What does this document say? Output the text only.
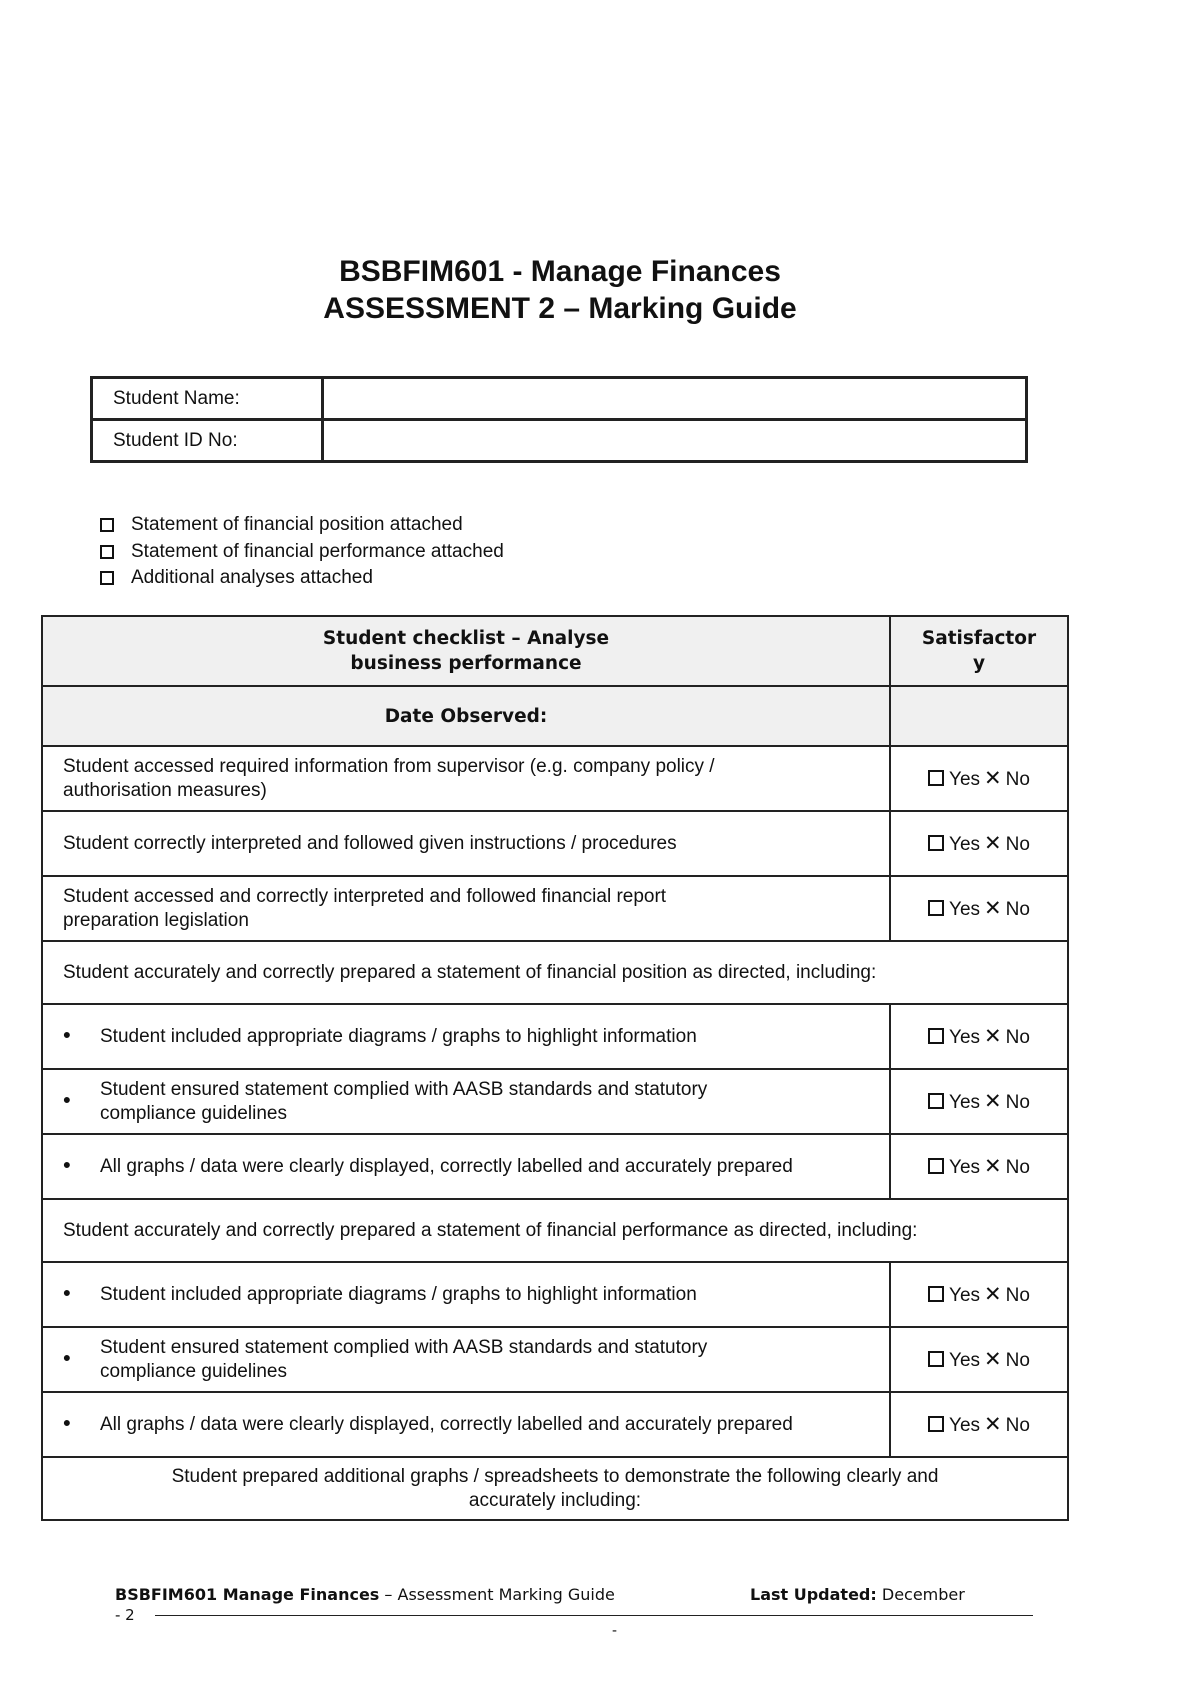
BSBFIM601 - Manage Finances
ASSESSMENT 2 – Marking Guide
Student Name:	
Student ID No:	
Statement of financial position attached
Statement of financial performance attached
Additional analyses attached
Student checklist – Analyse business performance	Satisfactory
Date Observed:	
Student accessed required information from supervisor (e.g. company policy / authorisation measures)	Yes ✕ No
Student correctly interpreted and followed given instructions / procedures	Yes ✕ No
Student accessed and correctly interpreted and followed financial report preparation legislation	Yes ✕ No
Student accurately and correctly prepared a statement of financial position as directed, including:	
• Student included appropriate diagrams / graphs to highlight information	Yes ✕ No
• Student ensured statement complied with AASB standards and statutory compliance guidelines	Yes ✕ No
• All graphs / data were clearly displayed, correctly labelled and accurately prepared	Yes ✕ No
Student accurately and correctly prepared a statement of financial performance as directed, including:	
• Student included appropriate diagrams / graphs to highlight information	Yes ✕ No
• Student ensured statement complied with AASB standards and statutory compliance guidelines	Yes ✕ No
• All graphs / data were clearly displayed, correctly labelled and accurately prepared	Yes ✕ No
Student prepared additional graphs / spreadsheets to demonstrate the following clearly and accurately including:	
BSBFIM601 Manage Finances – Assessment Marking Guide	Last Updated: December
- 2
-
